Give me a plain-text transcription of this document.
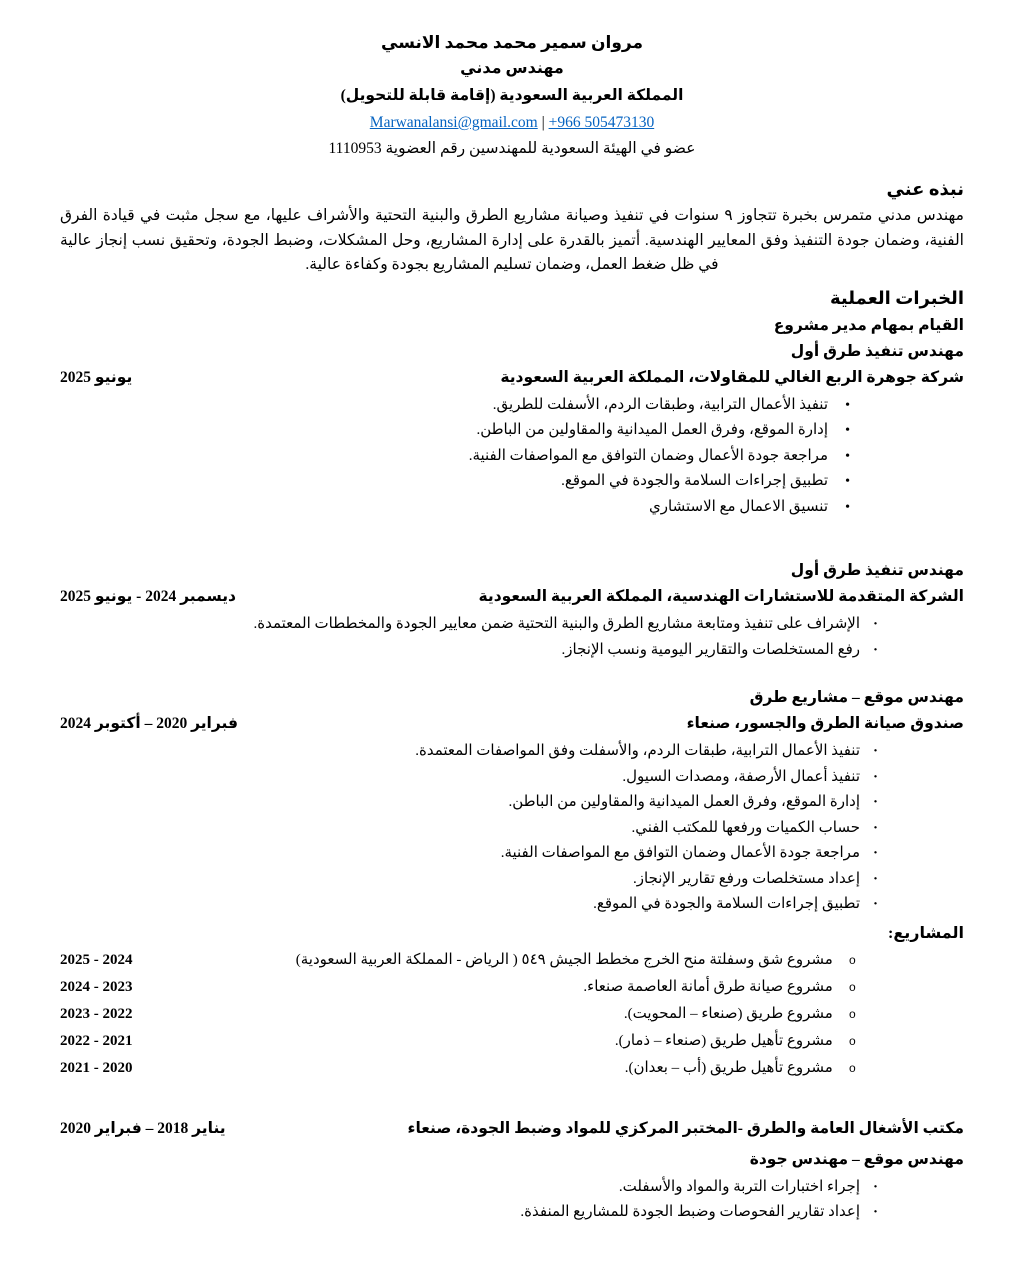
مروان سمير محمد محمد الانسي
مهندس مدني
المملكة العربية السعودية (إقامة قابلة للتحويل)
Marwanalansi@gmail.com | +966 505473130
عضو في الهيئة السعودية للمهندسين رقم العضوية 1110953
نبذه عني

مهندس مدني متمرس بخبرة تتجاوز ٩ سنوات في تنفيذ وصيانة مشاريع الطرق والبنية التحتية والأشراف عليها، مع سجل مثبت في قيادة الفرق الفنية، وضمان جودة التنفيذ وفق المعايير الهندسية. أتميز بالقدرة على إدارة المشاريع، وحل المشكلات، وضبط الجودة، وتحقيق نسب إنجاز عالية في ظل ضغط العمل، وضمان تسليم المشاريع بجودة وكفاءة عالية.

الخبرات العملية
القيام بمهام مدير مشروع
مهندس تنفيذ طرق أول
شركة جوهرة الربع الغالي للمقاولات، المملكة العربية السعودية
يونيو 2025
• تنفيذ الأعمال الترابية، وطبقات الردم، الأسفلت للطريق.
• إدارة الموقع، وفرق العمل الميدانية والمقاولين من الباطن.
• مراجعة جودة الأعمال وضمان التوافق مع المواصفات الفنية.
• تطبيق إجراءات السلامة والجودة في الموقع.
• تنسيق الاعمال مع الاستشاري
مهندس تنفيذ طرق أول
الشركة المتقدمة للاستشارات الهندسية، المملكة العربية السعودية
ديسمبر 2024 - يونيو 2025
· الإشراف على تنفيذ ومتابعة مشاريع الطرق والبنية التحتية ضمن معايير الجودة والمخططات المعتمدة.
· رفع المستخلصات والتقارير اليومية ونسب الإنجاز.
مهندس موقع – مشاريع طرق
صندوق صيانة الطرق والجسور، صنعاء
فبراير 2020 – أكتوبر 2024
· تنفيذ الأعمال الترابية، طبقات الردم، والأسفلت وفق المواصفات المعتمدة.
· تنفيذ أعمال الأرصفة، ومصدات السيول.
· إدارة الموقع، وفرق العمل الميدانية والمقاولين من الباطن.
· حساب الكميات ورفعها للمكتب الفني.
· مراجعة جودة الأعمال وضمان التوافق مع المواصفات الفنية.
· إعداد مستخلصات ورفع تقارير الإنجاز.
· تطبيق إجراءات السلامة والجودة في الموقع.
المشاريع:
o
مشروع شق وسفلتة منح الخرج مخطط الجيش ٥٤٩ ( الرياض - المملكة العربية السعودية)
2024 - 2025
o
مشروع صيانة طرق أمانة العاصمة صنعاء.
2023 - 2024
o
مشروع طريق (صنعاء – المحويت).
2022 - 2023
o
مشروع تأهيل طريق (صنعاء – ذمار).
2021 - 2022
o
مشروع تأهيل طريق (أب – بعدان).
2020 - 2021
مكتب الأشغال العامة والطرق -المختبر المركزي للمواد وضبط الجودة، صنعاء
يناير 2018 – فبراير 2020
مهندس موقع – مهندس جودة
· إجراء اختبارات التربة والمواد والأسفلت.
· إعداد تقارير الفحوصات وضبط الجودة للمشاريع المنفذة.
